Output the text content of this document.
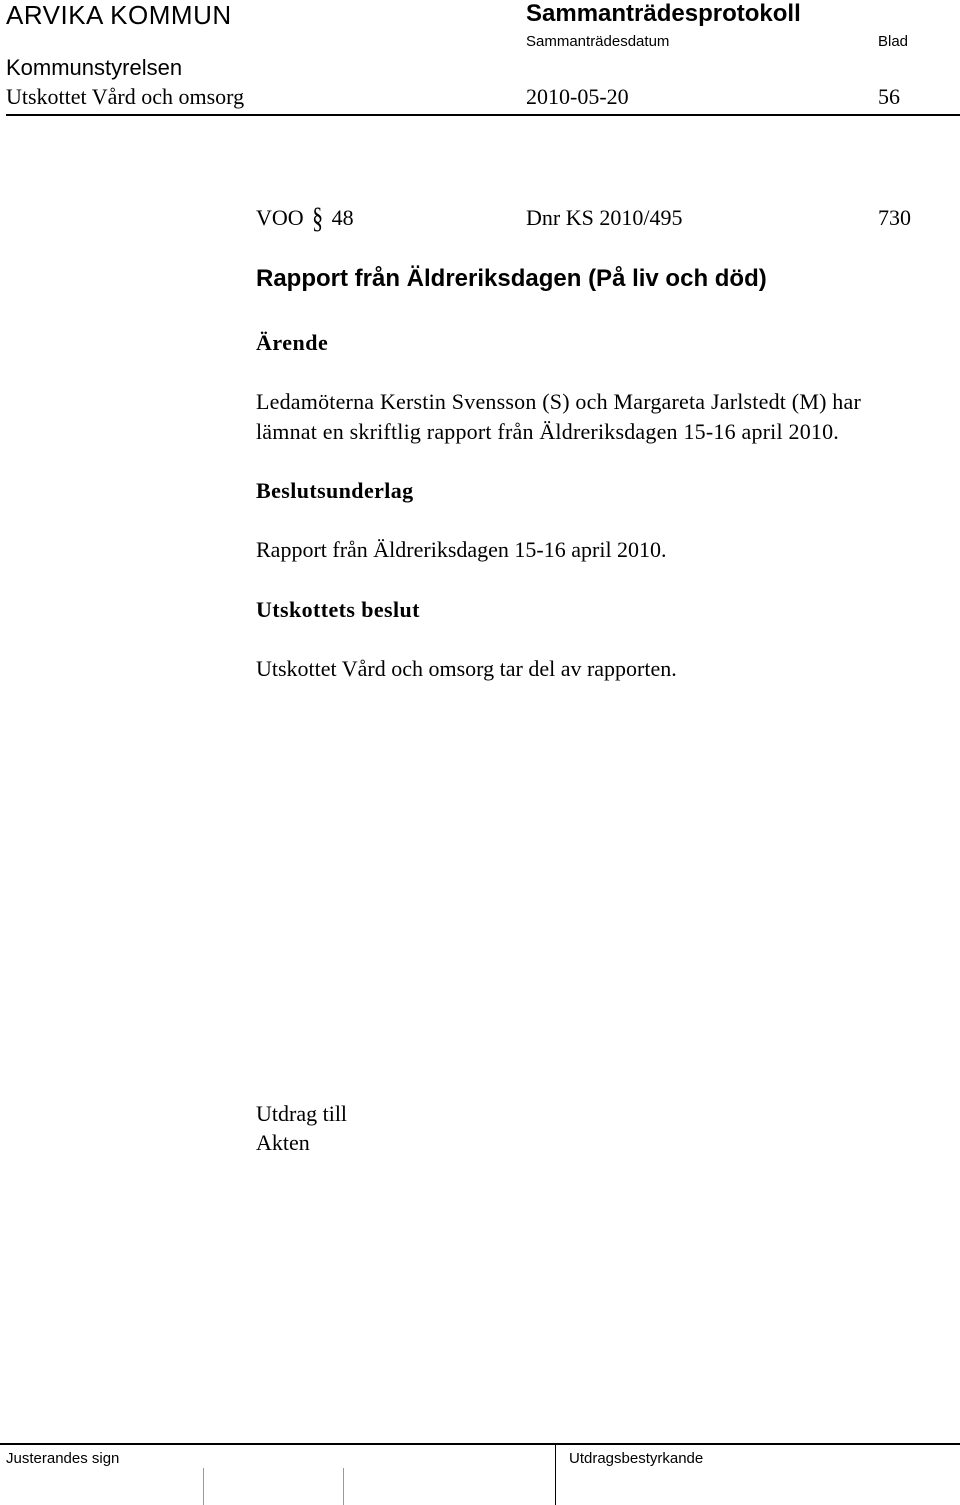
ARVIKA KOMMUN	Sammanträdesprotokoll
Sammanträdesdatum	Blad
Kommunstyrelsen
Utskottet Vård och omsorg	2010-05-20	56
VOO § 48	Dnr KS 2010/495	730
Rapport från Äldreriksdagen (På liv och död)
Ärende
Ledamöterna Kerstin Svensson (S) och Margareta Jarlstedt (M) har
lämnat en skriftlig rapport från Äldreriksdagen 15-16 april 2010.
Beslutsunderlag
Rapport från Äldreriksdagen 15-16 april 2010.
Utskottets beslut
Utskottet Vård och omsorg tar del av rapporten.
Utdrag till
Akten
Justerandes sign	Utdragsbestyrkande
